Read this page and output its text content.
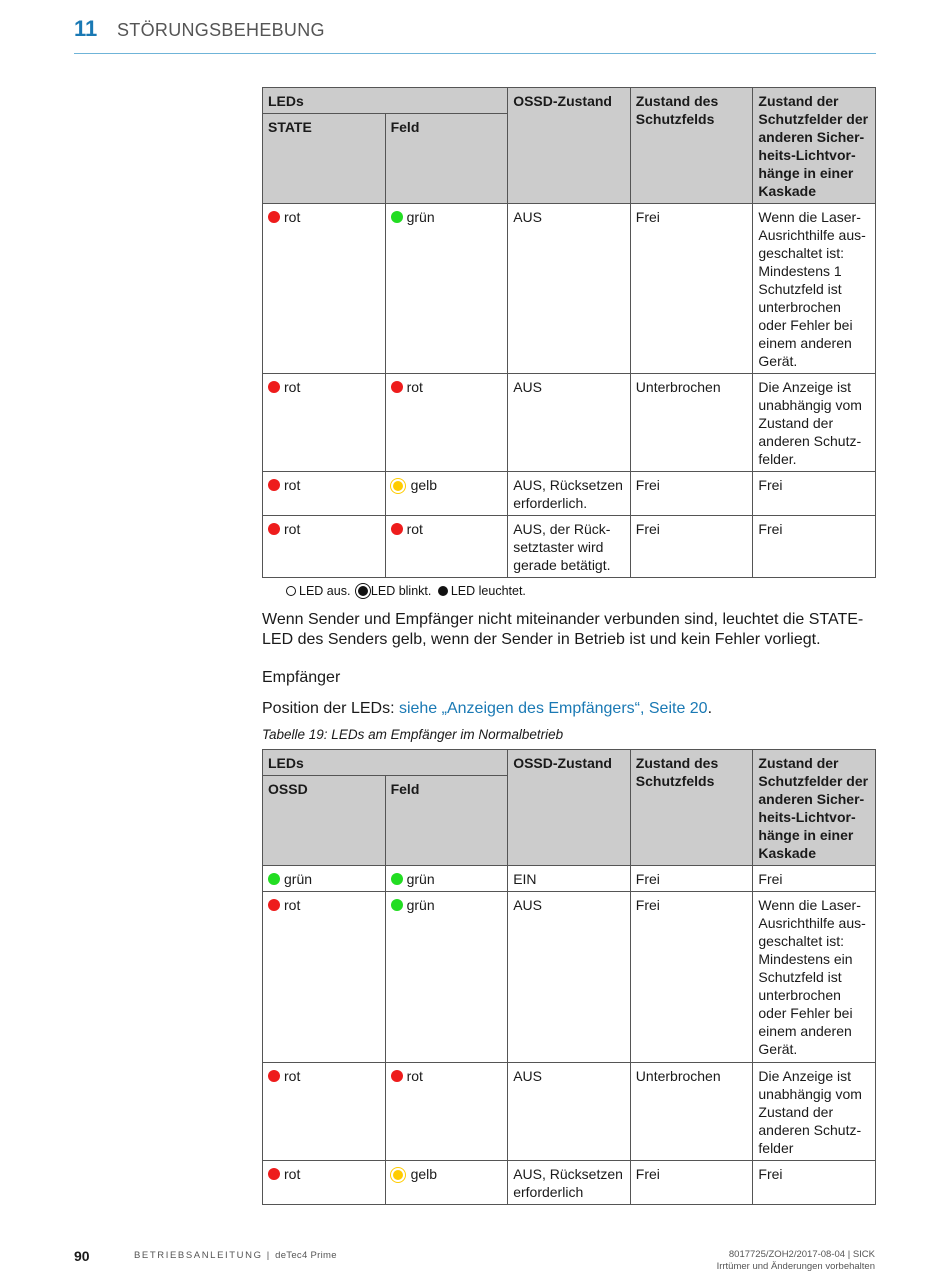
11 STÖRUNGSBEHEBUNG
LEDs		OSSD-Zustand	Zustand des Schutzfelds	Zustand der Schutzfelder der anderen Sicherheits-Lichtvorhänge in einer Kaskade
STATE	Feld			
rot	grün	AUS	Frei	Wenn die Laser-Ausrichthilfe ausgeschaltet ist: Mindestens 1 Schutzfeld ist unterbrochen oder Fehler bei einem anderen Gerät.
rot	rot	AUS	Unterbrochen	Die Anzeige ist unabhängig vom Zustand der anderen Schutzfelder.
rot	gelb	AUS, Rücksetzen erforderlich.	Frei	Frei
rot	rot	AUS, der Rücksetztaster wird gerade betätigt.	Frei	Frei
LED aus. LED blinkt. LED leuchtet.

Wenn Sender und Empfänger nicht miteinander verbunden sind, leuchtet die STATE-LED des Senders gelb, wenn der Sender in Betrieb ist und kein Fehler vorliegt.

Empfänger

Position der LEDs: siehe „Anzeigen des Empfängers“, Seite 20.

Tabelle 19: LEDs am Empfänger im Normalbetrieb
LEDs		OSSD-Zustand	Zustand des Schutzfelds	Zustand der Schutzfelder der anderen Sicherheits-Lichtvorhänge in einer Kaskade
OSSD	Feld			
grün	grün	EIN	Frei	Frei
rot	grün	AUS	Frei	Wenn die Laser-Ausrichthilfe ausgeschaltet ist: Mindestens ein Schutzfeld ist unterbrochen oder Fehler bei einem anderen Gerät.
rot	rot	AUS	Unterbrochen	Die Anzeige ist unabhängig vom Zustand der anderen Schutzfelder
rot	gelb	AUS, Rücksetzen erforderlich	Frei	Frei
90	BETRIEBSANLEITUNG | deTec4 Prime	8017725/ZOH2/2017-08-04 | SICK
Irrtümer und Änderungen vorbehalten
